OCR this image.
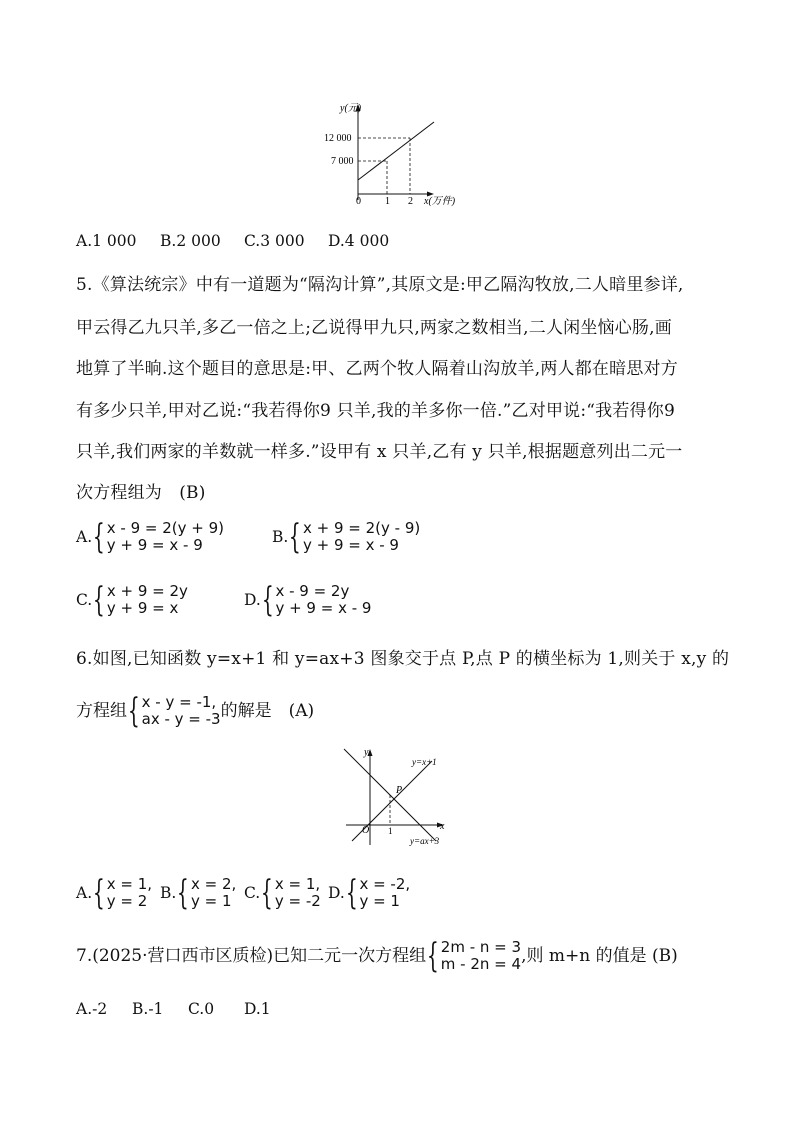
y(元)
12 000
7 000
0 1 2 x(万件)
A.1 000 B.2 000 C.3 000 D.4 000
5.《算法统宗》中有一道题为“隔沟计算”,其原文是:甲乙隔沟牧放,二人暗里参详,
甲云得乙九只羊,多乙一倍之上;乙说得甲九只,两家之数相当,二人闲坐恼心肠,画
地算了半晌.这个题目的意思是:甲、乙两个牧人隔着山沟放羊,两人都在暗思对方
有多少只羊,甲对乙说:“我若得你9 只羊,我的羊多你一倍.”乙对甲说:“我若得你9
只羊,我们两家的羊数就一样多.”设甲有 x 只羊,乙有 y 只羊,根据题意列出二元一
次方程组为　(B)
A. { x - 9 = 2(y + 9)
y + 9 = x - 9	B. { x + 9 = 2(y - 9)
y + 9 = x - 9
C. { x + 9 = 2y
y + 9 = x	D. { x - 9 = 2y
y + 9 = x - 9
6.如图,已知函数 y=x+1 和 y=ax+3 图象交于点 P,点 P 的横坐标为 1,则关于 x,y 的
方程组 { x - y = -1,
ax - y = -3 的解是　(A)
y
y=x+1
P
O 1	x
y=ax+3
A. { x = 1,
y = 2 B. { x = 2,
y = 1 C. { x = 1,
y = -2 D. { x = -2,
y = 1
7.(2025·营口西市区质检)已知二元一次方程组 { 2m - n = 3
m - 2n = 4 ,则 m+n 的值是 (B)
A.-2 B.-1 C.0 D.1
